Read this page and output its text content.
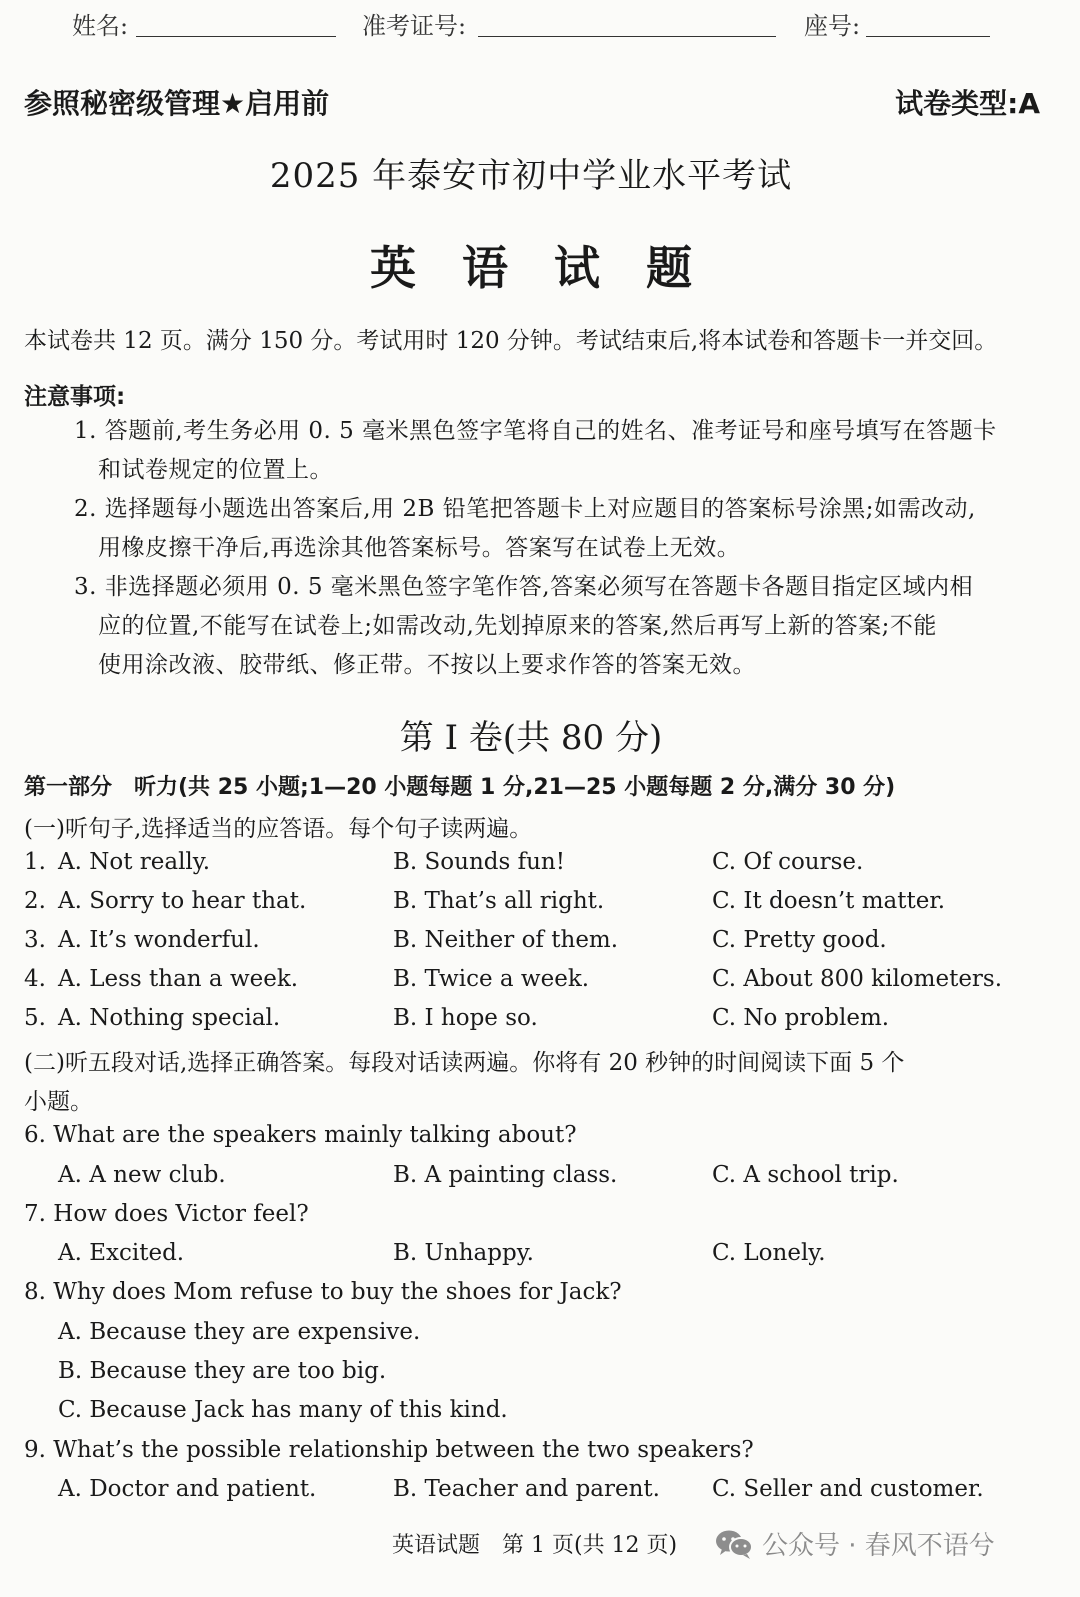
姓名:	准考证号:	座号:
参照秘密级管理★启用前	试卷类型:A
2025 年泰安市初中学业水平考试
英　语　试　题
本试卷共 12 页。满分 150 分。考试用时 120 分钟。考试结束后,将本试卷和答题卡一并交回。
注意事项:
1. 答题前,考生务必用 0. 5 毫米黑色签字笔将自己的姓名、准考证号和座号填写在答题卡
和试卷规定的位置上。
2. 选择题每小题选出答案后,用 2B 铅笔把答题卡上对应题目的答案标号涂黑;如需改动,
用橡皮擦干净后,再选涂其他答案标号。答案写在试卷上无效。
3. 非选择题必须用 0. 5 毫米黑色签字笔作答,答案必须写在答题卡各题目指定区域内相
应的位置,不能写在试卷上;如需改动,先划掉原来的答案,然后再写上新的答案;不能
使用涂改液、胶带纸、修正带。不按以上要求作答的答案无效。
第 Ⅰ 卷(共 80 分)
第一部分　听力(共 25 小题;1—20 小题每题 1 分,21—25 小题每题 2 分,满分 30 分)
(一)听句子,选择适当的应答语。每个句子读两遍。
1. A. Not really.	B. Sounds fun!	C. Of course.
2. A. Sorry to hear that.	B. That’s all right.	C. It doesn’t matter.
3. A. It’s wonderful.	B. Neither of them.	C. Pretty good.
4. A. Less than a week.	B. Twice a week.	C. About 800 kilometers.
5. A. Nothing special.	B. I hope so.	C. No problem.
(二)听五段对话,选择正确答案。每段对话读两遍。你将有 20 秒钟的时间阅读下面 5 个
小题。
6. What are the speakers mainly talking about?
A. A new club.	B. A painting class.	C. A school trip.
7. How does Victor feel?
A. Excited.	B. Unhappy.	C. Lonely.
8. Why does Mom refuse to buy the shoes for Jack?
A. Because they are expensive.
B. Because they are too big.
C. Because Jack has many of this kind.
9. What’s the possible relationship between the two speakers?
A. Doctor and patient.	B. Teacher and parent. C. Seller and customer.
英语试题　第 1 页(共 12 页)	公众号 · 春风不语兮
